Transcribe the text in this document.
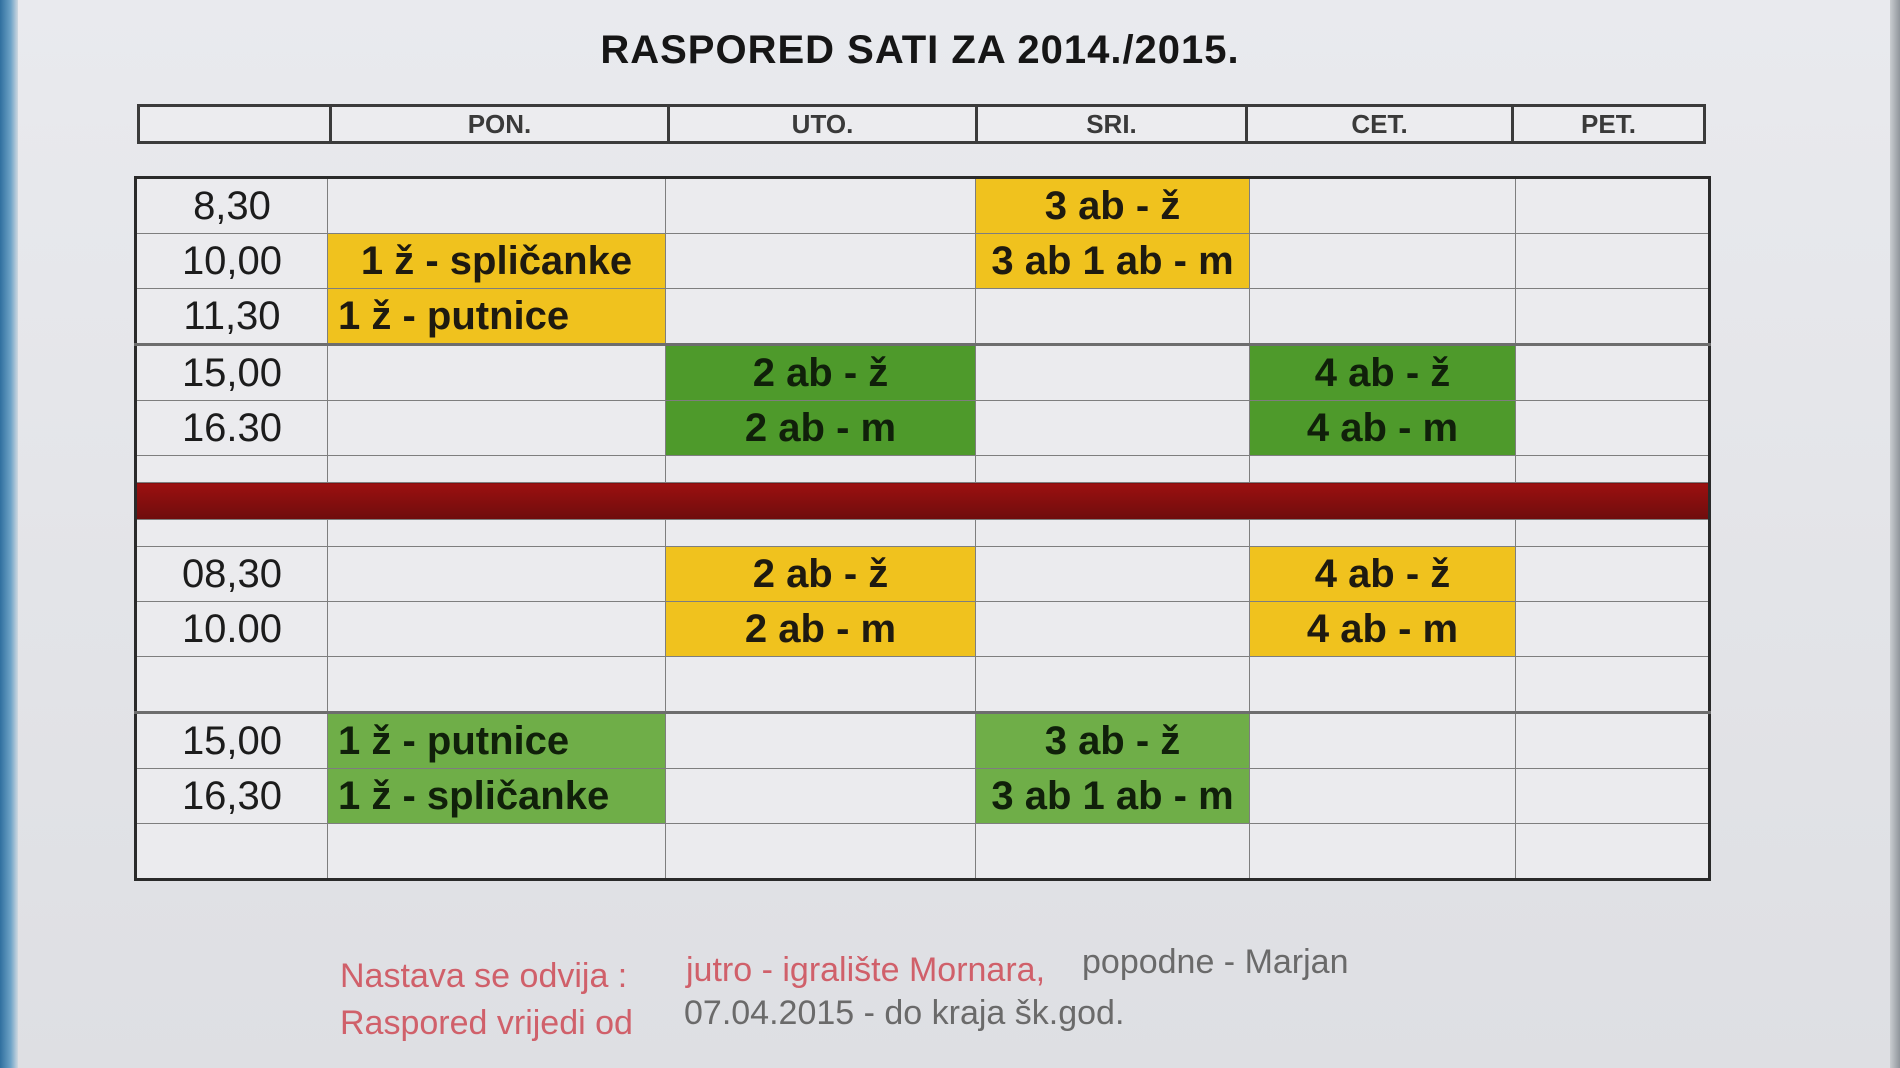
RASPORED SATI ZA 2014./2015.
	PON.	UTO.	SRI.	CET.	PET.
8,30			3 ab - ž		
10,00	1 ž - spličanke		3 ab 1 ab - m		
11,30	1 ž - putnice				
15,00		2 ab - ž		4 ab - ž	
16.30		2 ab - m		4 ab - m	

08,30		2 ab - ž		4 ab - ž	
10.00		2 ab - m		4 ab - m	

15,00	1 ž - putnice		3 ab - ž		
16,30	1 ž - spličanke		3 ab 1 ab - m		

Nastava se odvija : jutro - igralište Mornara, popodne - Marjan
Raspored vrijedi od 07.04.2015 - do kraja šk.god.
